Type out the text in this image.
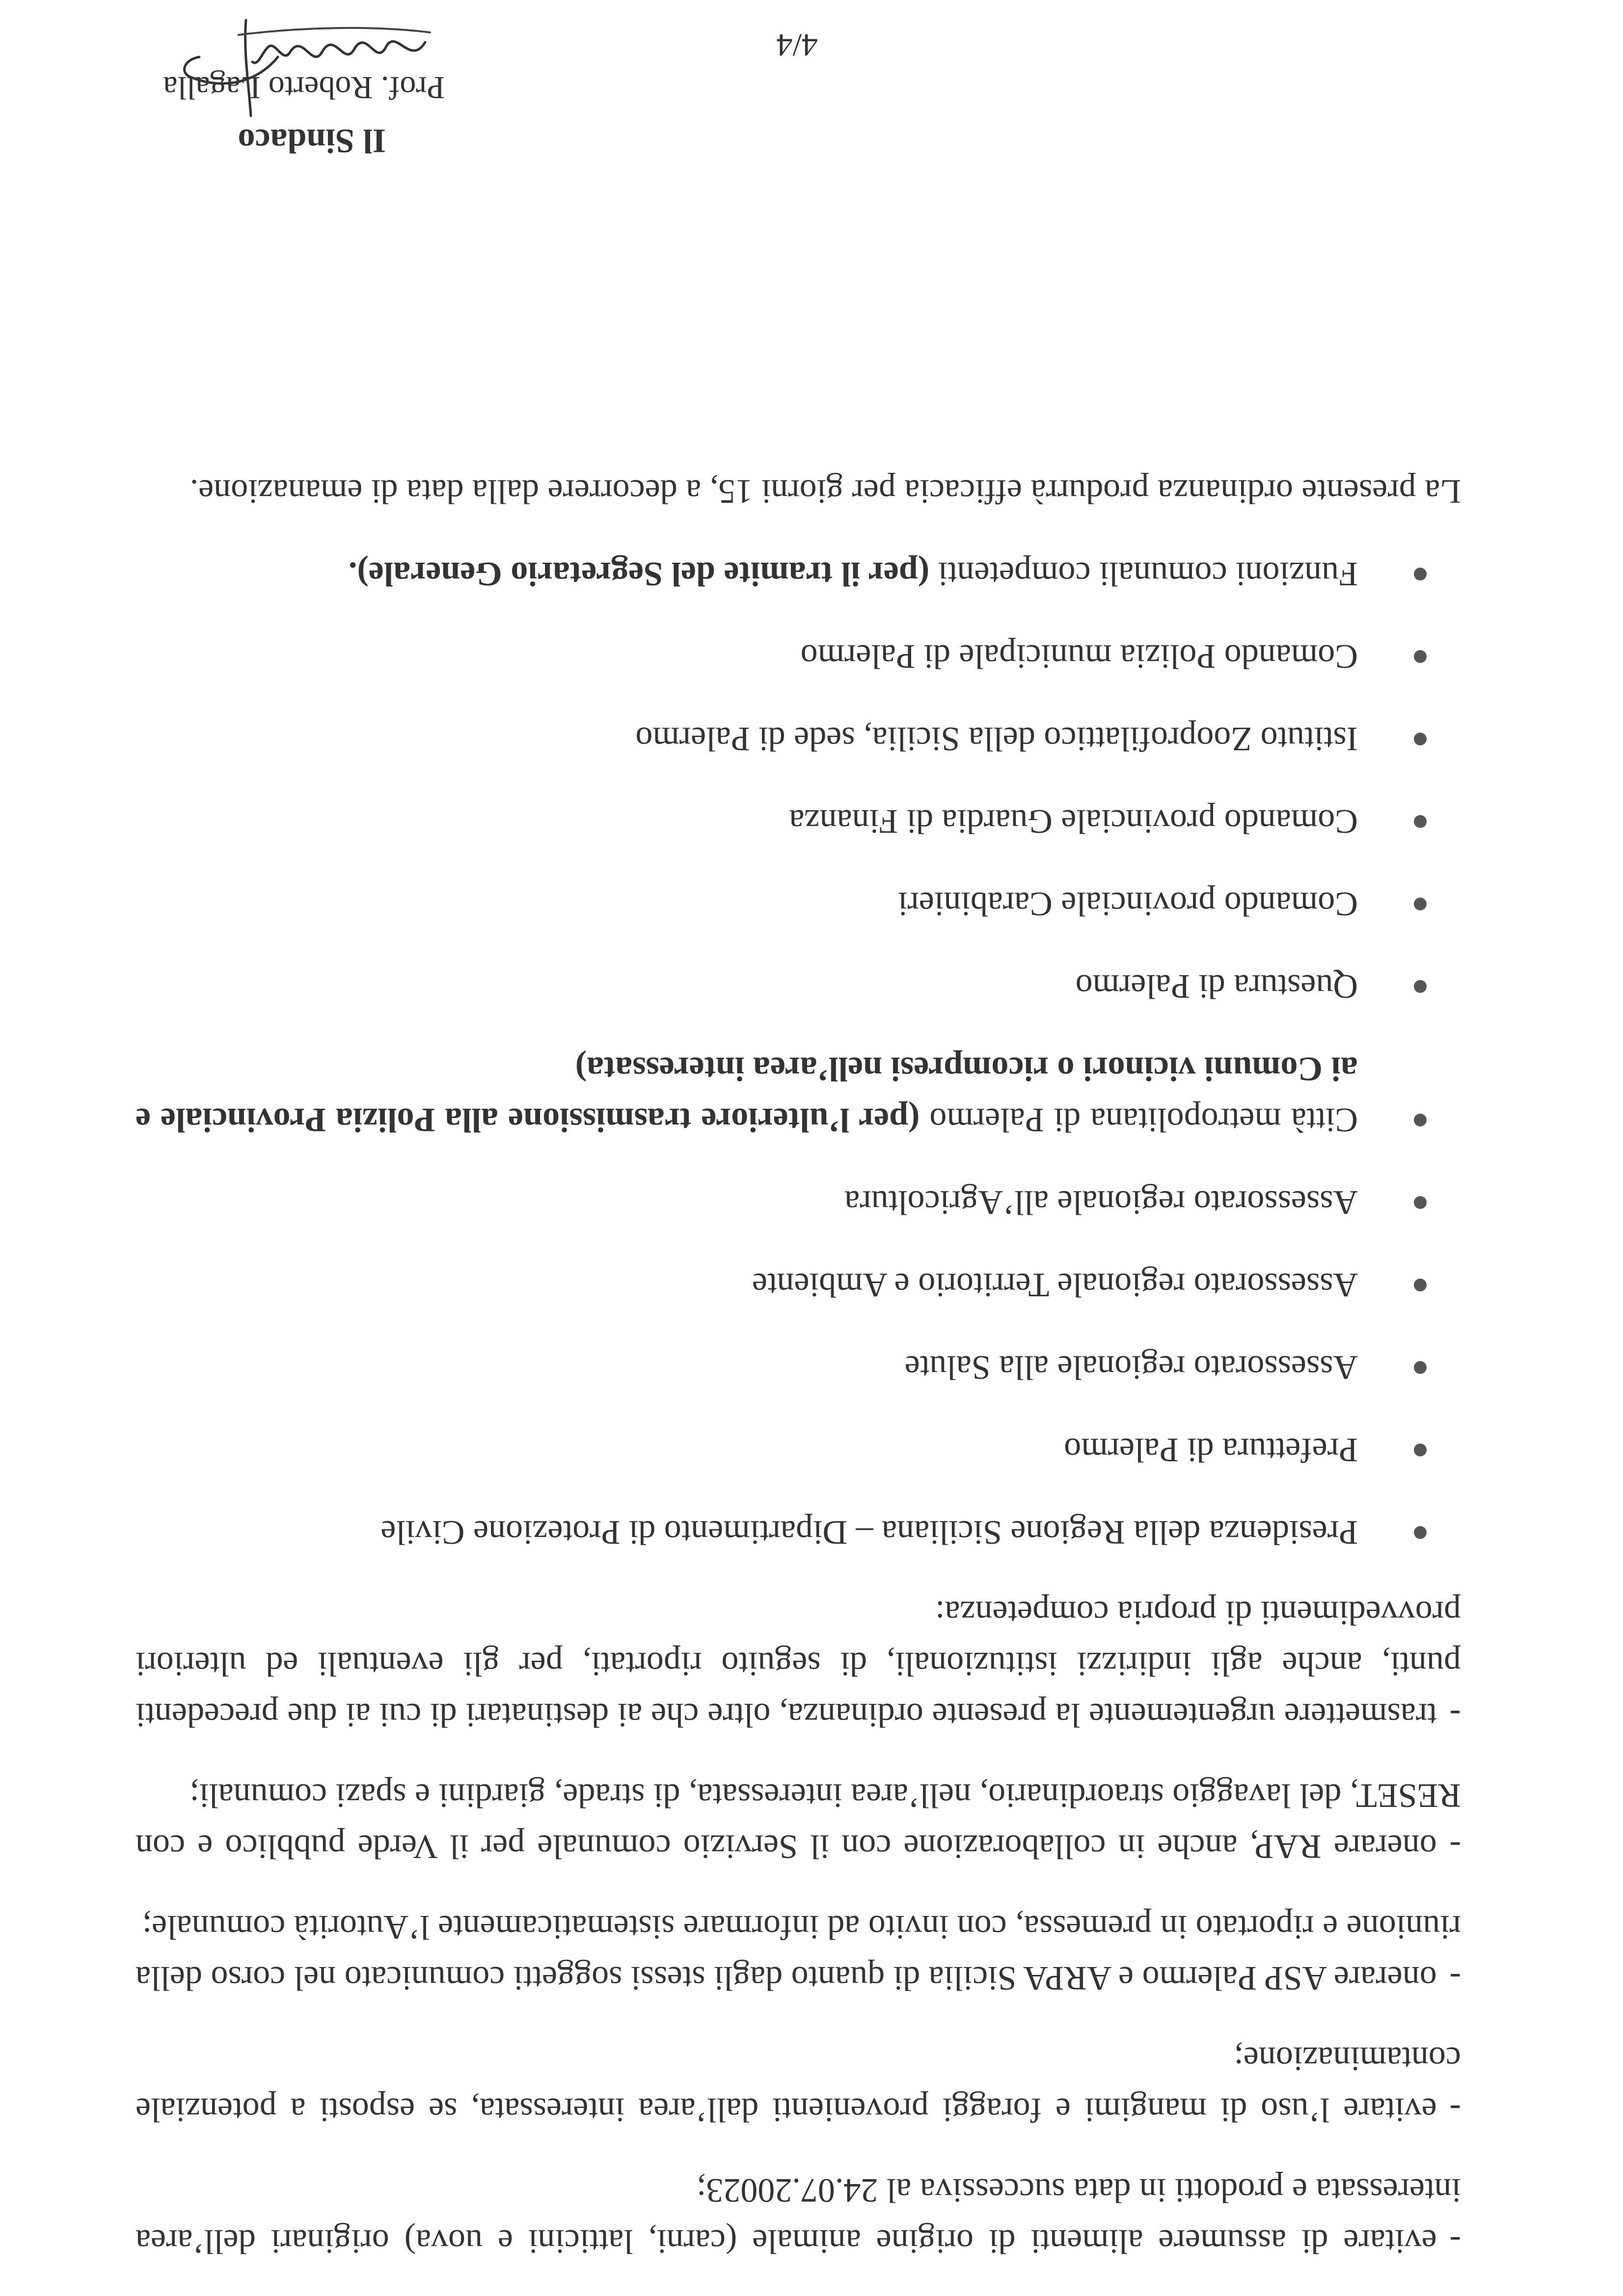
-evitare di assumere alimenti di origine animale (carni, latticini e uova) originari dell’area interessata e prodotti in data successiva al 24.07.20023;

-evitare l’uso di mangimi e foraggi provenienti dall’area interessata, se esposti a potenziale contaminazione;

-onerare ASP Palermo e ARPA Sicilia di quanto dagli stessi soggetti comunicato nel corso della riunione e riportato in premessa, con invito ad informare sistematicamente l’Autorità comunale;

-onerare RAP, anche in collaborazione con il Servizio comunale per il Verde pubblico e con RESET, del lavaggio straordinario, nell’area interessata, di strade, giardini e spazi comunali;

-trasmettere urgentemente la presente ordinanza, oltre che ai destinatari di cui ai due precedenti punti, anche agli indirizzi istituzionali, di seguito riportati, per gli eventuali ed ulteriori provvedimenti di propria competenza:

Presidenza della Regione Siciliana – Dipartimento di Protezione Civile
Prefettura di Palermo
Assessorato regionale alla Salute
Assessorato regionale Territorio e Ambiente
Assessorato regionale all’Agricoltura
Città metropolitana di Palermo (per l’ulteriore trasmissione alla Polizia Provinciale e ai Comuni vicinori o ricompresi nell’area interessata)
Questura di Palermo
Comando provinciale Carabinieri
Comando provinciale Guardia di Finanza
Istituto Zooprofilattico della Sicilia, sede di Palermo
Comando Polizia municipale di Palermo
Funzioni comunali competenti (per il tramite del Segretario Generale).

La presente ordinanza produrrà efficacia per giorni 15, a decorrere dalla data di emanazione.

Il Sindaco
Prof. Roberto Lagalla
4/4
